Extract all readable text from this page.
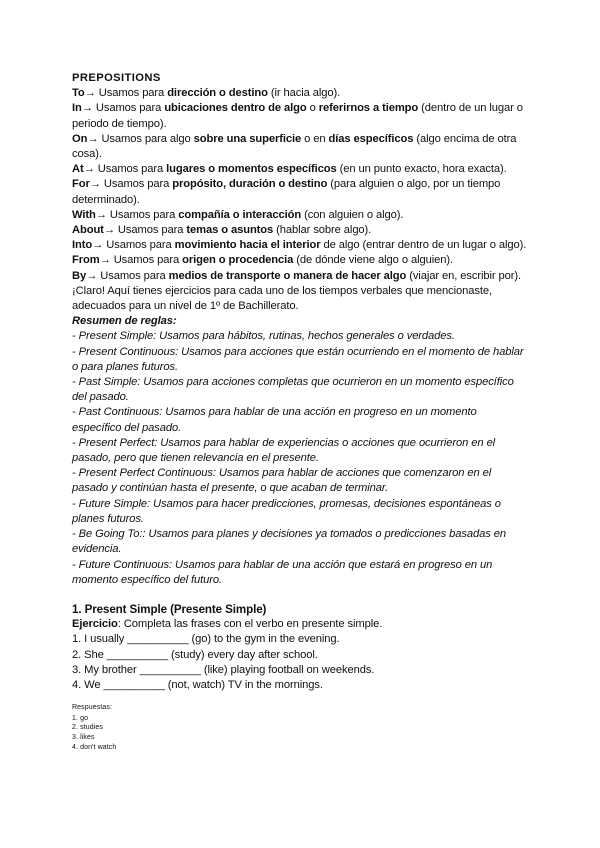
PREPOSITIONS
To→ Usamos para dirección o destino (ir hacia algo).
In→ Usamos para ubicaciones dentro de algo o referirnos a tiempo (dentro de un lugar o periodo de tiempo).
On→ Usamos para algo sobre una superficie o en días específicos (algo encima de otra cosa).
At→ Usamos para lugares o momentos específicos (en un punto exacto, hora exacta).
For→ Usamos para propósito, duración o destino (para alguien o algo, por un tiempo determinado).
With→ Usamos para compañía o interacción (con alguien o algo).
About→ Usamos para temas o asuntos (hablar sobre algo).
Into→ Usamos para movimiento hacia el interior de algo (entrar dentro de un lugar o algo).
From→ Usamos para origen o procedencia (de dónde viene algo o alguien).
By→ Usamos para medios de transporte o manera de hacer algo (viajar en, escribir por).
¡Claro! Aquí tienes ejercicios para cada uno de los tiempos verbales que mencionaste, adecuados para un nivel de 1º de Bachillerato.
Resumen de reglas:
- Present Simple: Usamos para hábitos, rutinas, hechos generales o verdades.
- Present Continuous: Usamos para acciones que están ocurriendo en el momento de hablar o para planes futuros.
- Past Simple: Usamos para acciones completas que ocurrieron en un momento específico del pasado.
- Past Continuous: Usamos para hablar de una acción en progreso en un momento específico del pasado.
- Present Perfect: Usamos para hablar de experiencias o acciones que ocurrieron en el pasado, pero que tienen relevancia en el presente.
- Present Perfect Continuous: Usamos para hablar de acciones que comenzaron en el pasado y continúan hasta el presente, o que acaban de terminar.
- Future Simple: Usamos para hacer predicciones, promesas, decisiones espontáneas o planes futuros.
- Be Going To:: Usamos para planes y decisiones ya tomados o predicciones basadas en evidencia.
- Future Continuous: Usamos para hablar de una acción que estará en progreso en un momento específico del futuro.
1. Present Simple (Presente Simple)
Ejercicio: Completa las frases con el verbo en presente simple.
1. I usually __________ (go) to the gym in the evening.
2. She __________ (study) every day after school.
3. My brother __________ (like) playing football on weekends.
4. We __________ (not, watch) TV in the mornings.
Respuestas:
1. go
2. studies
3. likes
4. don't watch
